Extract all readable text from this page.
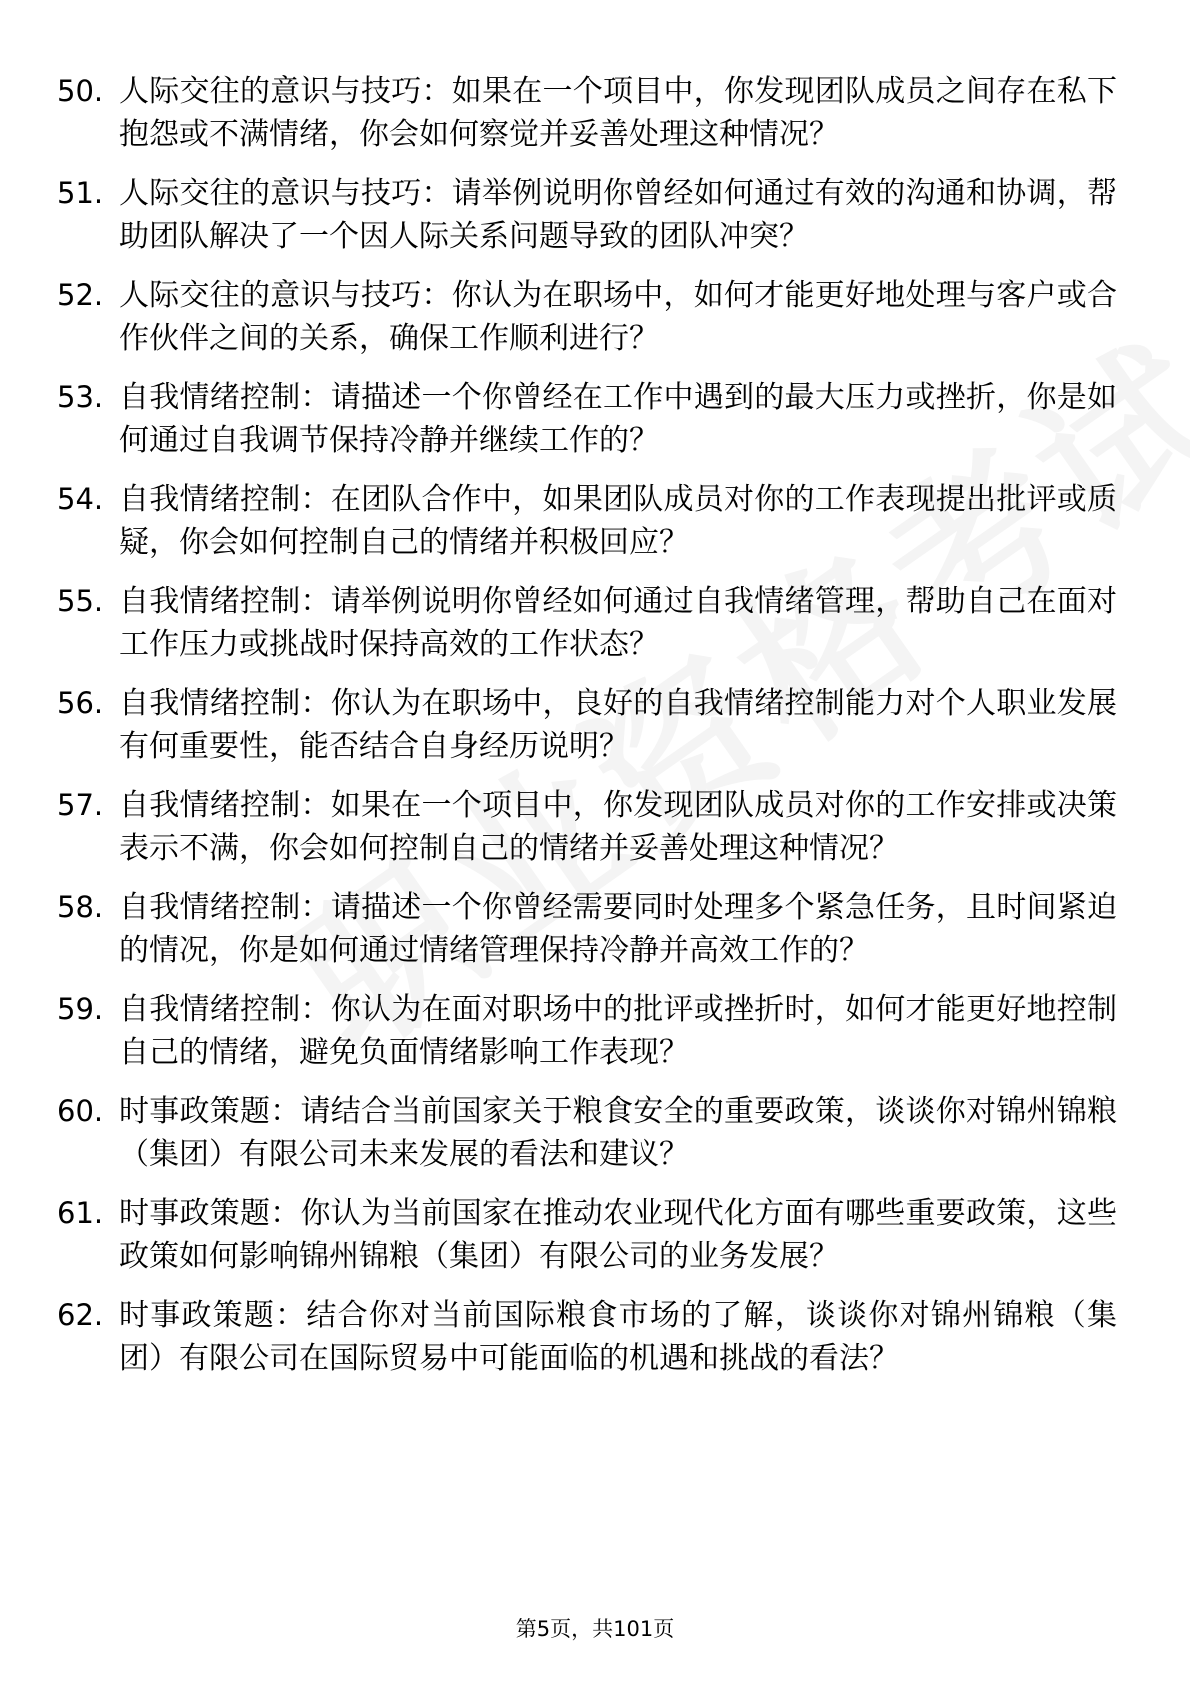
50. 人际交往的意识与技巧：如果在一个项目中，你发现团队成员之间存在私下抱怨或不满情绪，你会如何察觉并妥善处理这种情况？
51. 人际交往的意识与技巧：请举例说明你曾经如何通过有效的沟通和协调，帮助团队解决了一个因人际关系问题导致的团队冲突？
52. 人际交往的意识与技巧：你认为在职场中，如何才能更好地处理与客户或合作伙伴之间的关系，确保工作顺利进行？
53. 自我情绪控制：请描述一个你曾经在工作中遇到的最大压力或挫折，你是如何通过自我调节保持冷静并继续工作的？
54. 自我情绪控制：在团队合作中，如果团队成员对你的工作表现提出批评或质疑，你会如何控制自己的情绪并积极回应？
55. 自我情绪控制：请举例说明你曾经如何通过自我情绪管理，帮助自己在面对工作压力或挑战时保持高效的工作状态？
56. 自我情绪控制：你认为在职场中，良好的自我情绪控制能力对个人职业发展有何重要性，能否结合自身经历说明？
57. 自我情绪控制：如果在一个项目中，你发现团队成员对你的工作安排或决策表示不满，你会如何控制自己的情绪并妥善处理这种情况？
58. 自我情绪控制：请描述一个你曾经需要同时处理多个紧急任务，且时间紧迫的情况，你是如何通过情绪管理保持冷静并高效工作的？
59. 自我情绪控制：你认为在面对职场中的批评或挫折时，如何才能更好地控制自己的情绪，避免负面情绪影响工作表现？
60. 时事政策题：请结合当前国家关于粮食安全的重要政策，谈谈你对锦州锦粮（集团）有限公司未来发展的看法和建议？
61. 时事政策题：你认为当前国家在推动农业现代化方面有哪些重要政策，这些政策如何影响锦州锦粮（集团）有限公司的业务发展？
62. 时事政策题：结合你对当前国际粮食市场的了解，谈谈你对锦州锦粮（集团）有限公司在国际贸易中可能面临的机遇和挑战的看法？
第5页，共101页
